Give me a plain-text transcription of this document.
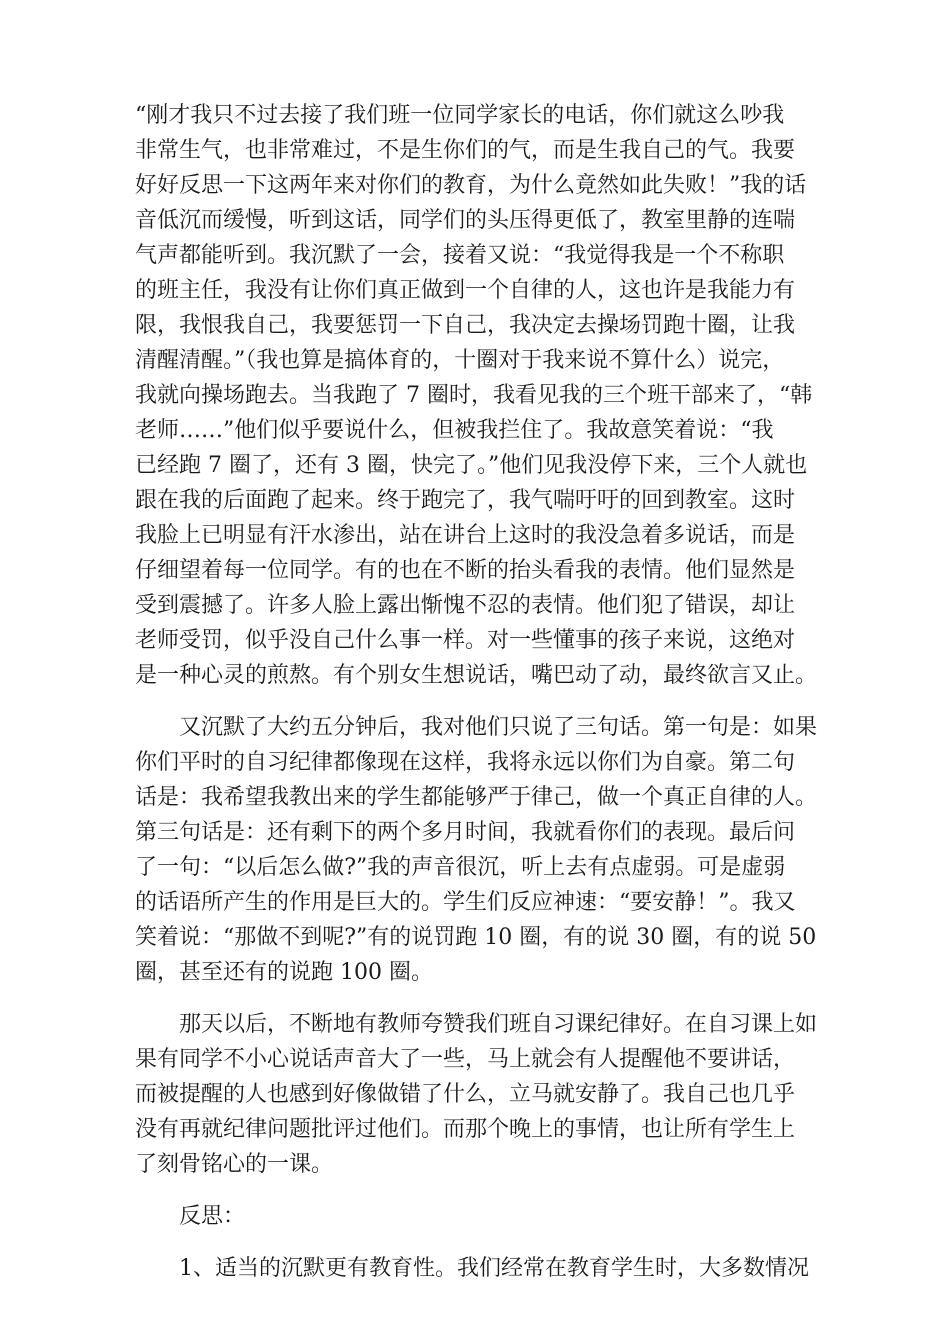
“刚才我只不过去接了我们班一位同学家长的电话，你们就这么吵我
非常生气，也非常难过，不是生你们的气，而是生我自己的气。我要
好好反思一下这两年来对你们的教育，为什么竟然如此失败！”我的话
音低沉而缓慢，听到这话，同学们的头压得更低了，教室里静的连喘
气声都能听到。我沉默了一会，接着又说：“我觉得我是一个不称职
的班主任，我没有让你们真正做到一个自律的人，这也许是我能力有
限，我恨我自己，我要惩罚一下自己，我决定去操场罚跑十圈，让我
清醒清醒。”（我也算是搞体育的，十圈对于我来说不算什么）说完，
我就向操场跑去。当我跑了 7 圈时，我看见我的三个班干部来了，“韩
老师……”他们似乎要说什么，但被我拦住了。我故意笑着说：“我
已经跑 7 圈了，还有 3 圈，快完了。”他们见我没停下来，三个人就也
跟在我的后面跑了起来。终于跑完了，我气喘吁吁的回到教室。这时
我脸上已明显有汗水渗出，站在讲台上这时的我没急着多说话，而是
仔细望着每一位同学。有的也在不断的抬头看我的表情。他们显然是
受到震撼了。许多人脸上露出惭愧不忍的表情。他们犯了错误，却让
老师受罚，似乎没自己什么事一样。对一些懂事的孩子来说，这绝对
是一种心灵的煎熬。有个别女生想说话，嘴巴动了动，最终欲言又止。

又沉默了大约五分钟后，我对他们只说了三句话。第一句是：如果
你们平时的自习纪律都像现在这样，我将永远以你们为自豪。第二句
话是：我希望我教出来的学生都能够严于律己，做一个真正自律的人。
第三句话是：还有剩下的两个多月时间，我就看你们的表现。最后问
了一句：“以后怎么做?”我的声音很沉，听上去有点虚弱。可是虚弱
的话语所产生的作用是巨大的。学生们反应神速：“要安静！”。我又
笑着说：“那做不到呢?”有的说罚跑 10 圈，有的说 30 圈，有的说 50
圈，甚至还有的说跑 100 圈。

那天以后，不断地有教师夸赞我们班自习课纪律好。在自习课上如
果有同学不小心说话声音大了一些，马上就会有人提醒他不要讲话，
而被提醒的人也感到好像做错了什么，立马就安静了。我自己也几乎
没有再就纪律问题批评过他们。而那个晚上的事情，也让所有学生上
了刻骨铭心的一课。

反思：

1、适当的沉默更有教育性。我们经常在教育学生时，大多数情况
